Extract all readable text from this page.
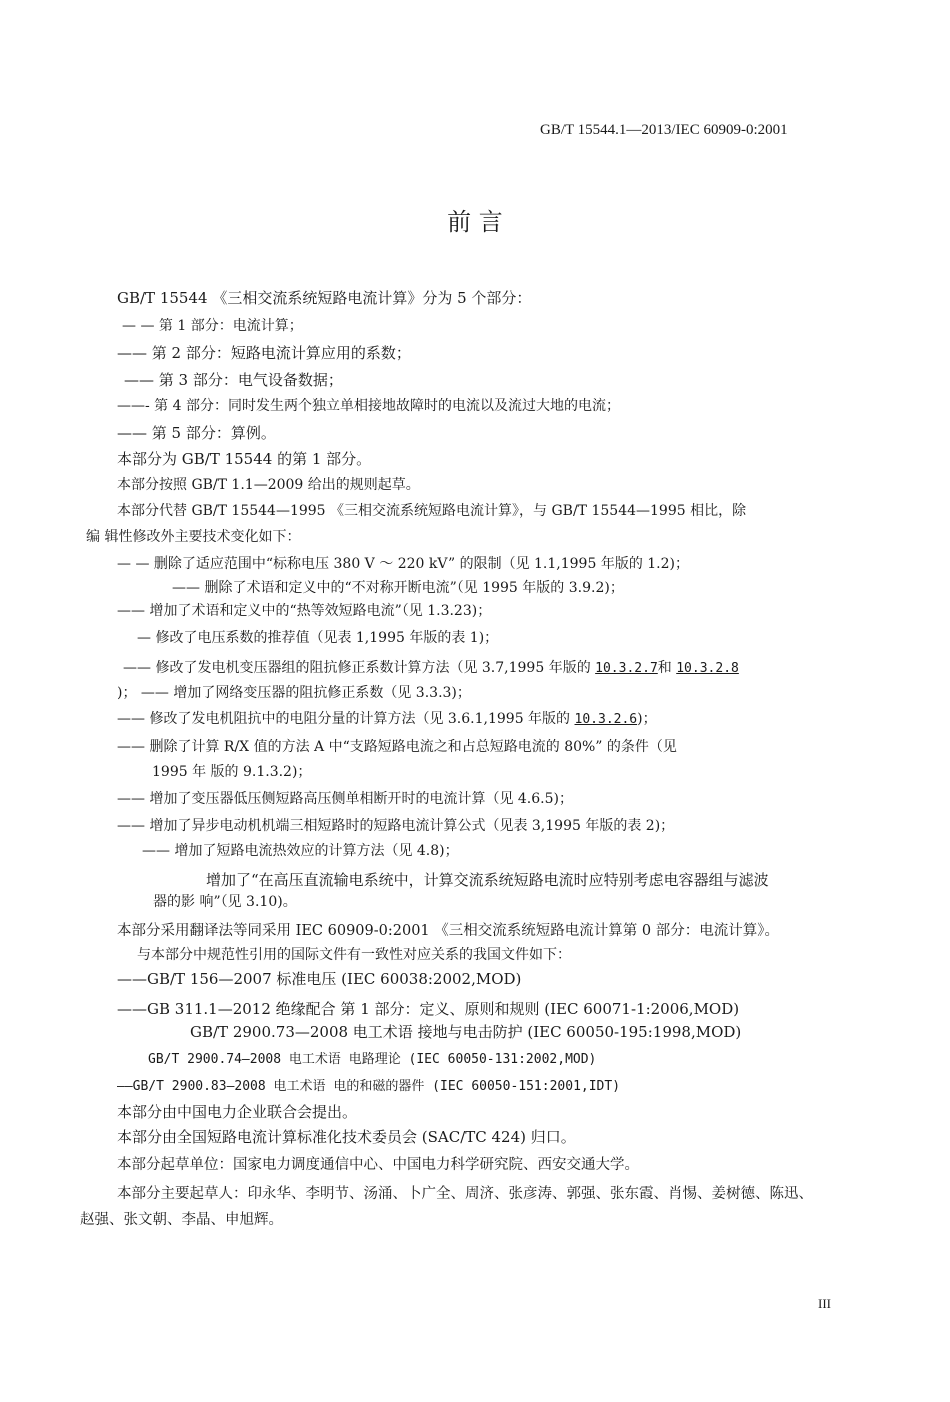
GB/T 15544.1—2013/IEC 60909-0:2001
前 言
GB/T 15544 《三相交流系统短路电流计算》分为 5 个部分：
— — 第 1 部分：电流计算；
—— 第 2 部分：短路电流计算应用的系数；
—— 第 3 部分：电气设备数据；
——- 第 4 部分：同时发生两个独立单相接地故障时的电流以及流过大地的电流；
—— 第 5 部分：算例。
本部分为 GB/T 15544 的第 1 部分。
本部分按照 GB/T 1.1—2009 给出的规则起草。
本部分代替 GB/T 15544—1995 《三相交流系统短路电流计算》，与 GB/T 15544—1995 相比，除
编 辑性修改外主要技术变化如下：
— — 删除了适应范围中“标称电压 380 V ～ 220 kV” 的限制（见 1.1,1995 年版的 1.2)；
—— 删除了术语和定义中的“不对称开断电流”（见 1995 年版的 3.9.2)；
—— 增加了术语和定义中的“热等效短路电流”（见 1.3.23)；
— 修改了电压系数的推荐值（见表 1,1995 年版的表 1)；
—— 修改了发电机变压器组的阻抗修正系数计算方法（见 3.7,1995 年版的 10.3.2.7和 10.3.2.8
)； —— 增加了网络变压器的阻抗修正系数（见 3.3.3)；
—— 修改了发电机阻抗中的电阻分量的计算方法（见 3.6.1,1995 年版的 10.3.2.6)；
—— 删除了计算 R/X 值的方法 A 中“支路短路电流之和占总短路电流的 80%” 的条件（见
1995 年 版的 9.1.3.2)；
—— 增加了变压器低压侧短路高压侧单相断开时的电流计算（见 4.6.5)；
—— 增加了异步电动机机端三相短路时的短路电流计算公式（见表 3,1995 年版的表 2)；
—— 增加了短路电流热效应的计算方法（见 4.8)；
增加了“在高压直流输电系统中，计算交流系统短路电流时应特别考虑电容器组与滤波
器的影 响”（见 3.10)。
本部分采用翻译法等同采用 IEC 60909-0:2001 《三相交流系统短路电流计算第 0 部分：电流计算》。
与本部分中规范性引用的国际文件有一致性对应关系的我国文件如下：
——GB/T 156—2007 标准电压 (IEC 60038:2002,MOD)
——GB 311.1—2012 绝缘配合 第 1 部分：定义、原则和规则 (IEC 60071-1:2006,MOD)
GB/T 2900.73—2008 电工术语 接地与电击防护 (IEC 60050-195:1998,MOD)
GB/T 2900.74—2008 电工术语 电路理论 (IEC 60050-131:2002,MOD)
——GB/T 2900.83—2008 电工术语 电的和磁的器件 (IEC 60050-151:2001,IDT)
本部分由中国电力企业联合会提出。
本部分由全国短路电流计算标准化技术委员会 (SAC/TC 424) 归口。
本部分起草单位：国家电力调度通信中心、中国电力科学研究院、西安交通大学。
本部分主要起草人：印永华、李明节、汤涌、卜广全、周济、张彦涛、郭强、张东霞、肖惕、姜树德、陈迅、
赵强、张文朝、李晶、申旭辉。
III
